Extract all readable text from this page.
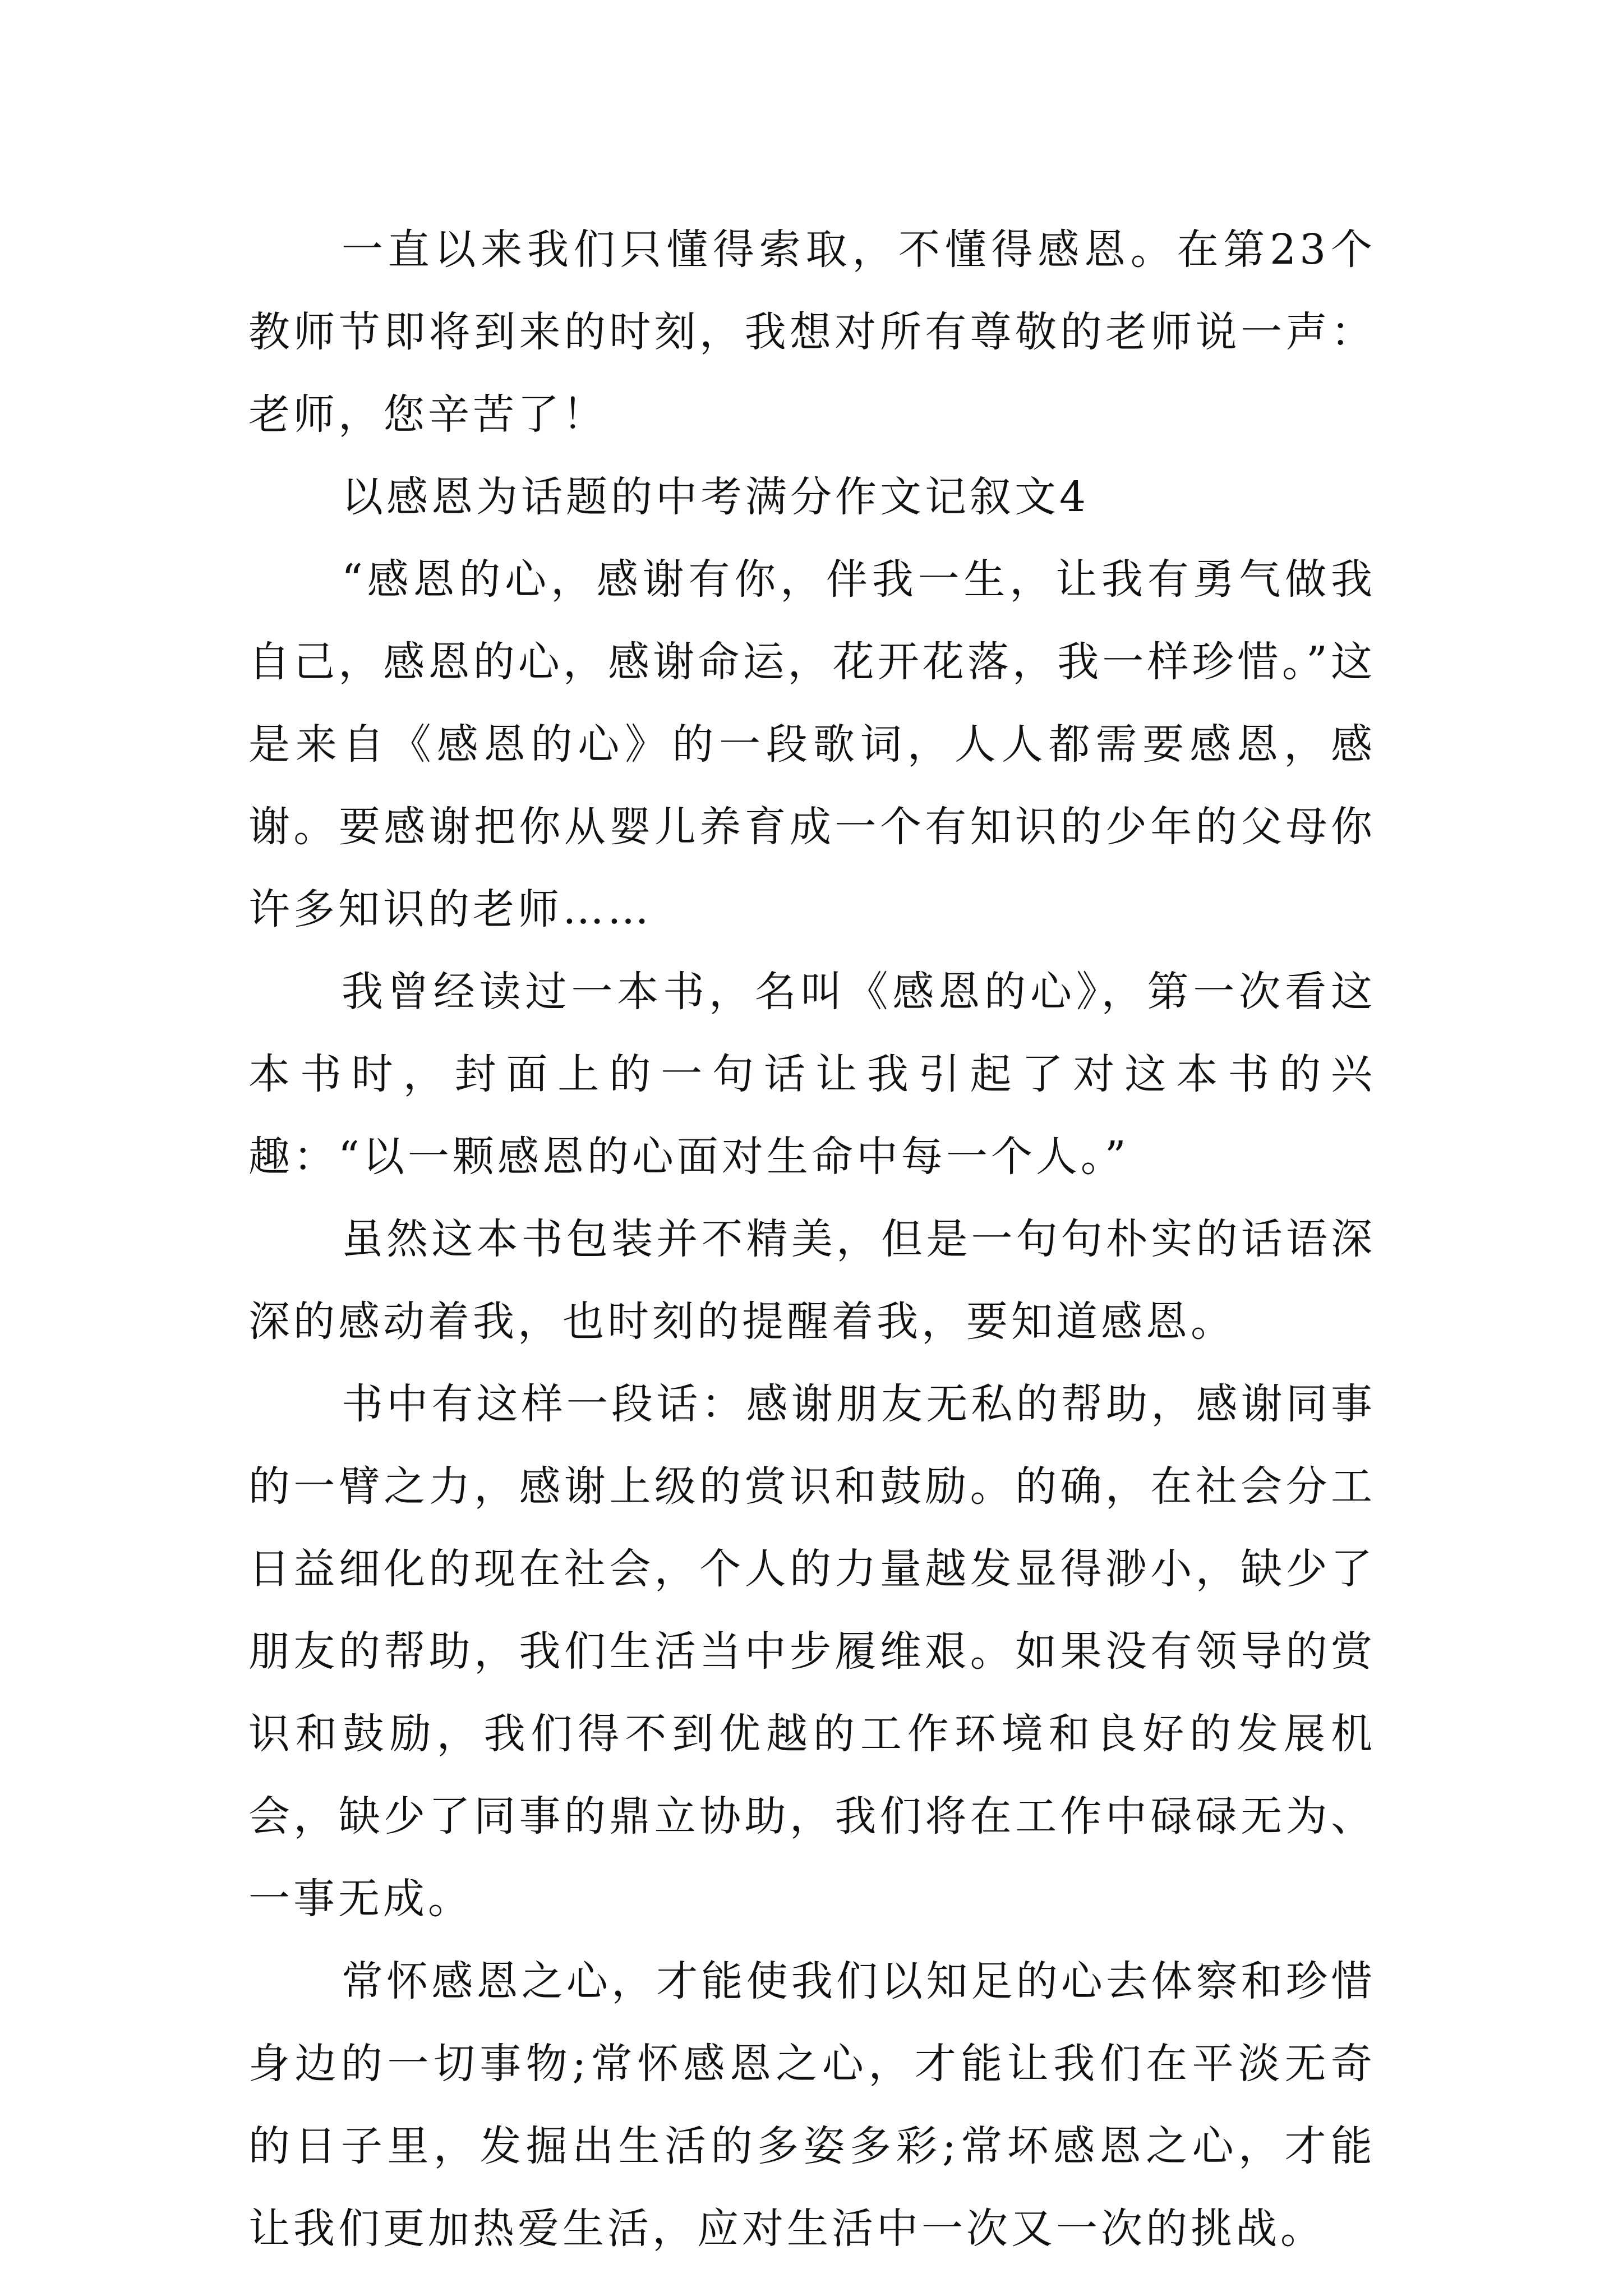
一直以来我们只懂得索取，不懂得感恩。在第23个教师节即将到来的时刻，我想对所有尊敬的老师说一声：老师，您辛苦了！

以感恩为话题的中考满分作文记叙文4

“感恩的心，感谢有你，伴我一生，让我有勇气做我自己，感恩的心，感谢命运，花开花落，我一样珍惜。”这是来自《感恩的心》的一段歌词，人人都需要感恩，感谢。要感谢把你从婴儿养育成一个有知识的少年的父母你许多知识的老师……

我曾经读过一本书，名叫《感恩的心》，第一次看这本书时，封面上的一句话让我引起了对这本书的兴趣：“以一颗感恩的心面对生命中每一个人。”

虽然这本书包装并不精美，但是一句句朴实的话语深深的感动着我，也时刻的提醒着我，要知道感恩。

书中有这样一段话：感谢朋友无私的帮助，感谢同事的一臂之力，感谢上级的赏识和鼓励。的确，在社会分工日益细化的现在社会，个人的力量越发显得渺小，缺少了朋友的帮助，我们生活当中步履维艰。如果没有领导的赏识和鼓励，我们得不到优越的工作环境和良好的发展机会，缺少了同事的鼎立协助，我们将在工作中碌碌无为、一事无成。

常怀感恩之心，才能使我们以知足的心去体察和珍惜身边的一切事物;常怀感恩之心，才能让我们在平淡无奇的日子里，发掘出生活的多姿多彩;常坏感恩之心，才能让我们更加热爱生活，应对生活中一次又一次的挑战。
